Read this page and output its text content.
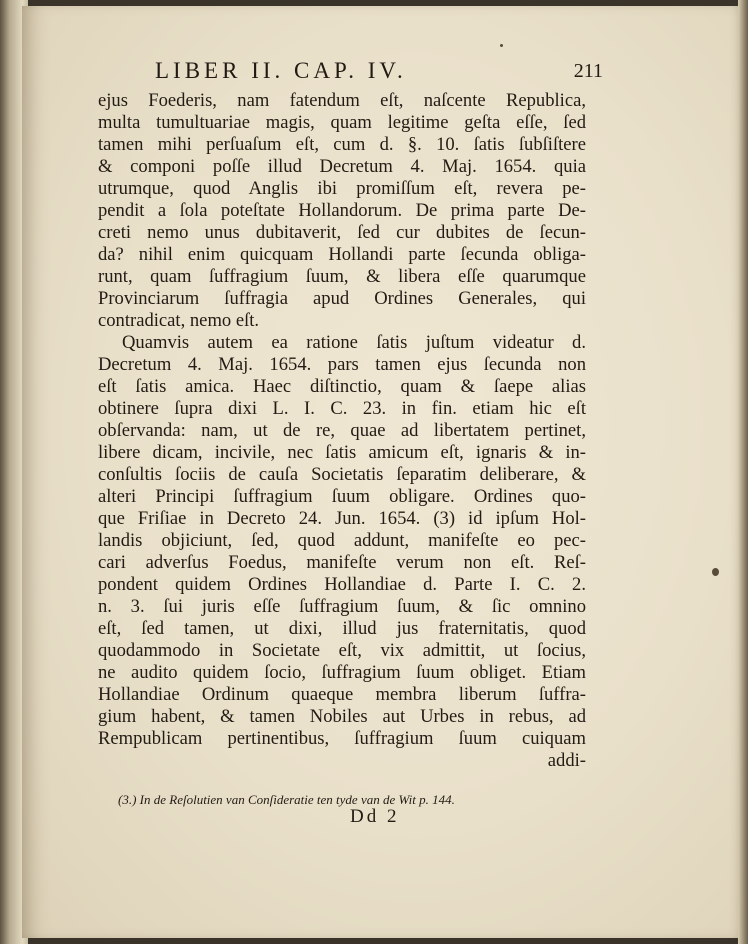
LIBER II. CAP. IV.	211
ejus Foederis, nam fatendum eſt, naſcente Republica,
multa tumultuariae magis, quam legitime geſta eſſe, ſed
tamen mihi perſuaſum eſt, cum d. §. 10. ſatis ſubſiſtere
& componi poſſe illud Decretum 4. Maj. 1654. quia
utrumque, quod Anglis ibi promiſſum eſt, revera pe-
pendit a ſola poteſtate Hollandorum. De prima parte De-
creti nemo unus dubitaverit, ſed cur dubites de ſecun-
da? nihil enim quicquam Hollandi parte ſecunda obliga-
runt, quam ſuffragium ſuum, & libera eſſe quarumque
Provinciarum ſuffragia apud Ordines Generales, qui
contradicat, nemo eſt.
Quamvis autem ea ratione ſatis juſtum videatur d.
Decretum 4. Maj. 1654. pars tamen ejus ſecunda non
eſt ſatis amica. Haec diſtinctio, quam & ſaepe alias
obtinere ſupra dixi L. I. C. 23. in fin. etiam hic eſt
obſervanda: nam, ut de re, quae ad libertatem pertinet,
libere dicam, incivile, nec ſatis amicum eſt, ignaris & in-
conſultis ſociis de cauſa Societatis ſeparatim deliberare, &
alteri Principi ſuffragium ſuum obligare. Ordines quo-
que Friſiae in Decreto 24. Jun. 1654. (3) id ipſum Hol-
landis objiciunt, ſed, quod addunt, manifeſte eo pec-
cari adverſus Foedus, manifeſte verum non eſt. Reſ-
pondent quidem Ordines Hollandiae d. Parte I. C. 2.
n. 3. ſui juris eſſe ſuffragium ſuum, & ſic omnino
eſt, ſed tamen, ut dixi, illud jus fraternitatis, quod
quodammodo in Societate eſt, vix admittit, ut ſocius,
ne audito quidem ſocio, ſuffragium ſuum obliget. Etiam
Hollandiae Ordinum quaeque membra liberum ſuffra-
gium habent, & tamen Nobiles aut Urbes in rebus, ad
Rempublicam pertinentibus, ſuffragium ſuum cuiquam
addi-
(3.) In de Reſolutien van Conſideratie ten tyde van de Wit p. 144.
Dd 2
